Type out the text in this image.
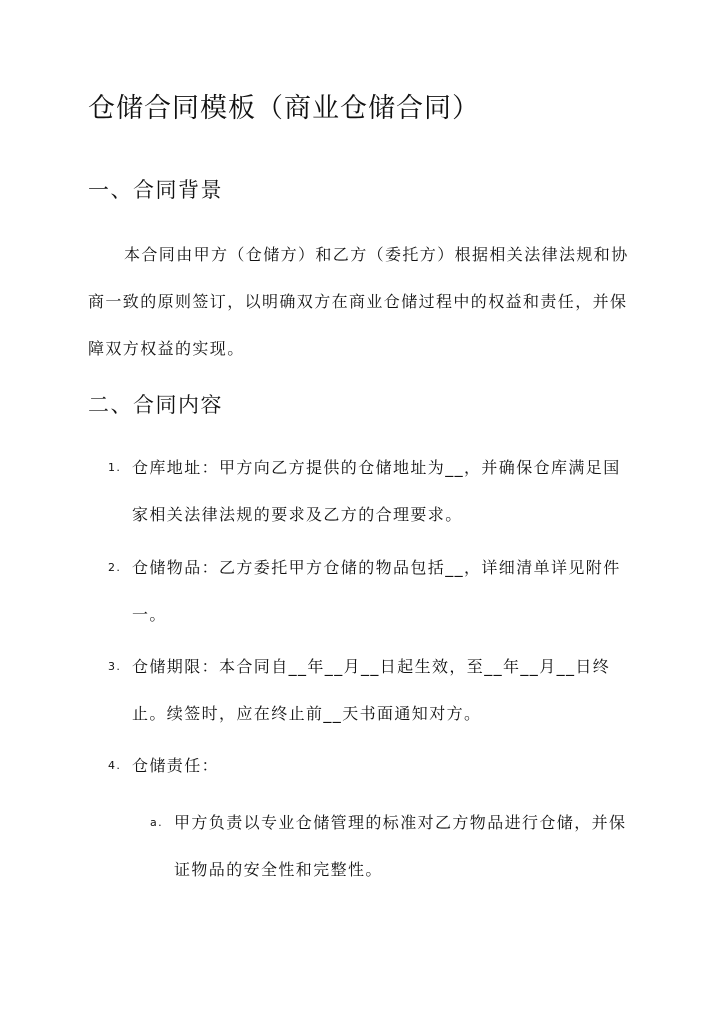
仓储合同模板（商业仓储合同）
一、合同背景

本合同由甲方（仓储方）和乙方（委托方）根据相关法律法规和协商一致的原则签订，以明确双方在商业仓储过程中的权益和责任，并保障双方权益的实现。

二、合同内容
1. 仓库地址：甲方向乙方提供的仓储地址为__，并确保仓库满足国家相关法律法规的要求及乙方的合理要求。
2. 仓储物品：乙方委托甲方仓储的物品包括__，详细清单详见附件一。
3. 仓储期限：本合同自__年__月__日起生效，至__年__月__日终止。续签时，应在终止前__天书面通知对方。
4. 仓储责任：
a. 甲方负责以专业仓储管理的标准对乙方物品进行仓储，并保证物品的安全性和完整性。
